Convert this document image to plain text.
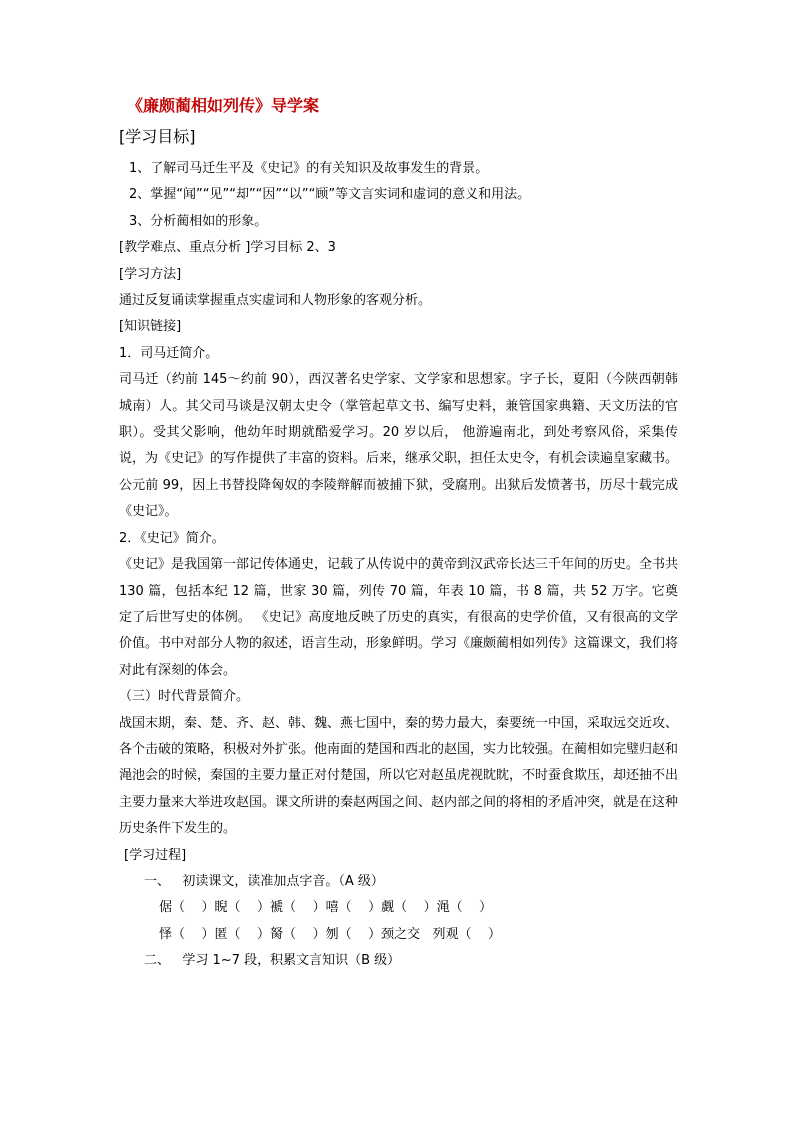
《廉颇蔺相如列传》导学案
[学习目标]

1、了解司马迁生平及《史记》的有关知识及故事发生的背景。

2、掌握“闻”“见”“却”“因”“以”“顾”等文言实词和虚词的意义和用法。

3、分析蔺相如的形象。

[教学难点、重点分析 ]学习目标 2、3

[学习方法]

通过反复诵读掌握重点实虚词和人物形象的客观分析。

[知识链接]

1．司马迁简介。

司马迁（约前 145～约前 90），西汉著名史学家、文学家和思想家。字子长，夏阳（今陕西朝韩城南）人。其父司马谈是汉朝太史令（掌管起草文书、编写史料，兼管国家典籍、天文历法的官职）。受其父影响，他幼年时期就酷爱学习。20 岁以后， 他游遍南北，到处考察风俗，采集传说，为《史记》的写作提供了丰富的资料。后来，继承父职，担任太史令，有机会读遍皇家藏书。 公元前 99，因上书替投降匈奴的李陵辩解而被捕下狱，受腐刑。出狱后发愤著书，历尽十载完成《史记》。

2．《史记》简介。

《史记》是我国第一部记传体通史，记载了从传说中的黄帝到汉武帝长达三千年间的历史。全书共 130 篇，包括本纪 12 篇，世家 30 篇，列传 70 篇，年表 10 篇，书 8 篇，共 52 万字。它奠定了后世写史的体例。 《史记》高度地反映了历史的真实，有很高的史学价值，又有很高的文学价值。书中对部分人物的叙述，语言生动，形象鲜明。学习《廉颇蔺相如列传》这篇课文，我们将对此有深刻的体会。

（三）时代背景简介。

战国末期，秦、楚、齐、赵、韩、魏、燕七国中，秦的势力最大，秦要统一中国，采取远交近攻、各个击破的策略，积极对外扩张。他南面的楚国和西北的赵国，实力比较强。在蔺相如完璧归赵和渑池会的时候，秦国的主要力量正对付楚国，所以它对赵虽虎视眈眈，不时蚕食欺压，却还抽不出主要力量来大举进攻赵国。课文所讲的秦赵两国之间、赵内部之间的将相的矛盾冲突，就是在这种历史条件下发生的。

[学习过程]

一、   初读课文，读准加点字音。（A 级）

倨（    ）睨（    ）褫（    ）嘻（    ）觑（    ）渑（    ）

怿（    ）匿（    ）胬（    ）刎（    ）颈之交   列观（    ）

二、   学习 1~7 段，积累文言知识（B 级）
